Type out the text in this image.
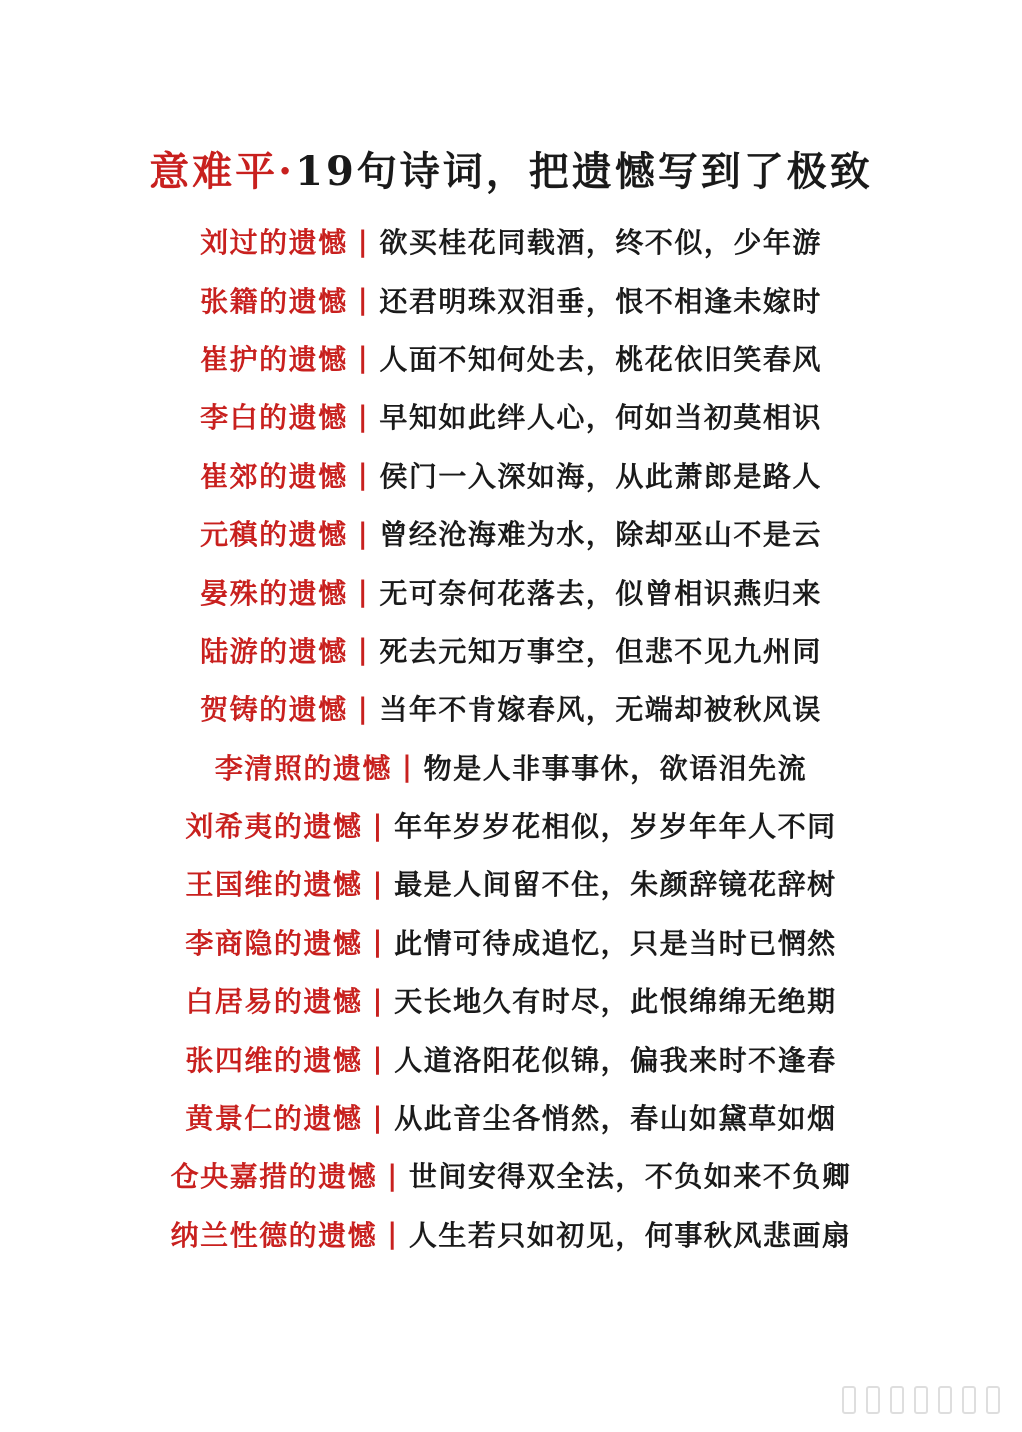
意难平·19句诗词，把遗憾写到了极致
刘过的遗憾 | 欲买桂花同载酒，终不似，少年游
张籍的遗憾 | 还君明珠双泪垂，恨不相逢未嫁时
崔护的遗憾 | 人面不知何处去，桃花依旧笑春风
李白的遗憾 | 早知如此绊人心，何如当初莫相识
崔郊的遗憾 | 侯门一入深如海，从此萧郎是路人
元稹的遗憾 | 曾经沧海难为水，除却巫山不是云
晏殊的遗憾 | 无可奈何花落去，似曾相识燕归来
陆游的遗憾 | 死去元知万事空，但悲不见九州同
贺铸的遗憾 | 当年不肯嫁春风，无端却被秋风误
李清照的遗憾 | 物是人非事事休，欲语泪先流
刘希夷的遗憾 | 年年岁岁花相似，岁岁年年人不同
王国维的遗憾 | 最是人间留不住，朱颜辞镜花辞树
李商隐的遗憾 | 此情可待成追忆，只是当时已惘然
白居易的遗憾 | 天长地久有时尽，此恨绵绵无绝期
张四维的遗憾 | 人道洛阳花似锦，偏我来时不逢春
黄景仁的遗憾 | 从此音尘各悄然，春山如黛草如烟
仓央嘉措的遗憾 | 世间安得双全法，不负如来不负卿
纳兰性德的遗憾 | 人生若只如初见，何事秋风悲画扇
